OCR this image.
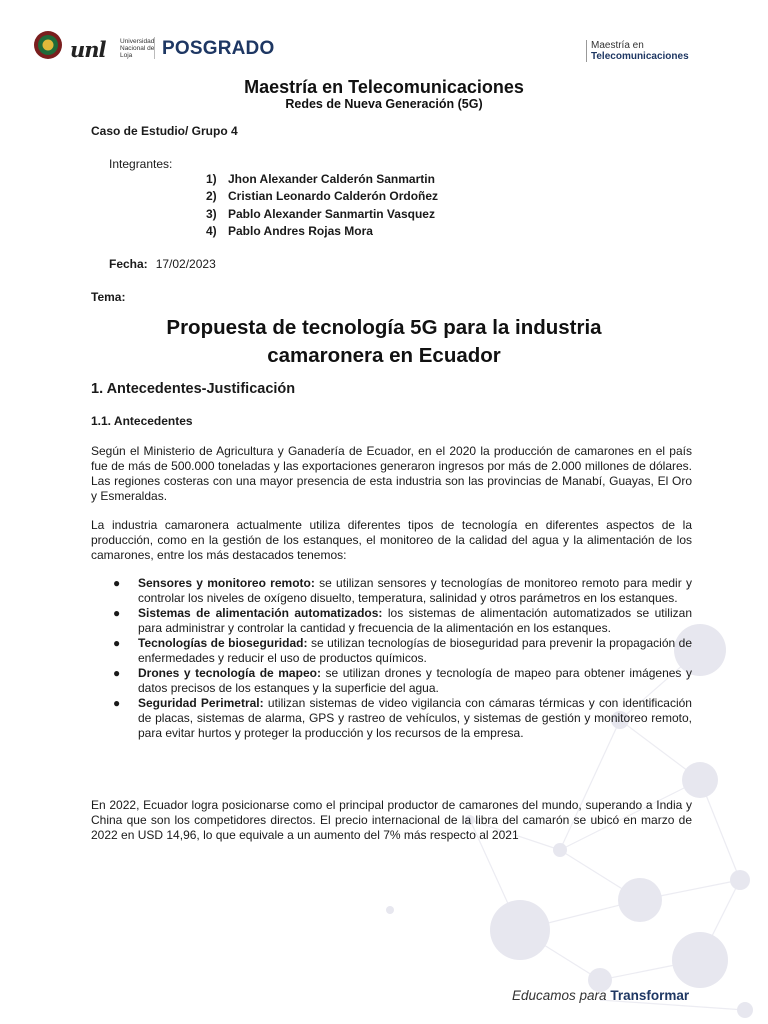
unl Universidad Nacional de Loja	POSGRADO	Maestría en
Telecomunicaciones
Maestría en Telecomunicaciones
Redes de Nueva Generación (5G)
Caso de Estudio/ Grupo 4
Integrantes:
1) Jhon Alexander Calderón Sanmartin
2) Cristian Leonardo Calderón Ordoñez
3) Pablo Alexander Sanmartin Vasquez
4) Pablo Andres Rojas Mora
Fecha: 17/02/2023
Tema:
Propuesta de tecnología 5G para la industria
camaronera en Ecuador
1. Antecedentes-Justificación
1.1. Antecedentes
Según el Ministerio de Agricultura y Ganadería de Ecuador, en el 2020 la producción de camarones en el país fue de más de 500.000 toneladas y las exportaciones generaron ingresos por más de 2.000 millones de dólares. Las regiones costeras con una mayor presencia de esta industria son las provincias de Manabí, Guayas, El Oro y Esmeraldas.
La industria camaronera actualmente utiliza diferentes tipos de tecnología en diferentes aspectos de la producción, como en la gestión de los estanques, el monitoreo de la calidad del agua y la alimentación de los camarones, entre los más destacados tenemos:
● Sensores y monitoreo remoto: se utilizan sensores y tecnologías de monitoreo remoto para medir y controlar los niveles de oxígeno disuelto, temperatura, salinidad y otros parámetros en los estanques.
● Sistemas de alimentación automatizados: los sistemas de alimentación automatizados se utilizan para administrar y controlar la cantidad y frecuencia de la alimentación en los estanques.
● Tecnologías de bioseguridad: se utilizan tecnologías de bioseguridad para prevenir la propagación de enfermedades y reducir el uso de productos químicos.
● Drones y tecnología de mapeo: se utilizan drones y tecnología de mapeo para obtener imágenes y datos precisos de los estanques y la superficie del agua.
● Seguridad Perimetral: utilizan sistemas de video vigilancia con cámaras térmicas y con identificación de placas, sistemas de alarma, GPS y rastreo de vehículos, y sistemas de gestión y monitoreo remoto, para evitar hurtos y proteger la producción y los recursos de la empresa.
En 2022, Ecuador logra posicionarse como el principal productor de camarones del mundo, superando a India y China que son los competidores directos. El precio internacional de la libra del camarón se ubicó en marzo de 2022 en USD 14,96, lo que equivale a un aumento del 7% más respecto al 2021
Educamos para Transformar
